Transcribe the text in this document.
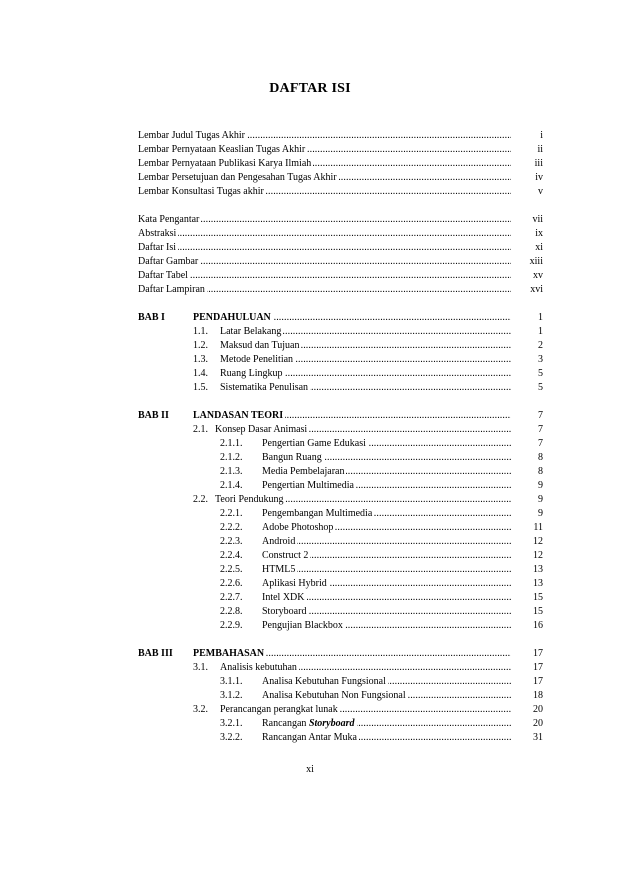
DAFTAR ISI
. . .
Lembar Judul Tugas Akhir	i
. . .
Lembar Pernyataan Keaslian Tugas Akhir	ii
. . .
Lembar Pernyataan Publikasi Karya Ilmiah	iii
. . .
Lembar Persetujuan dan Pengesahan Tugas Akhir	iv
. . .
Lembar Konsultasi Tugas akhir	v
. . .
Kata Pengantar	vii
. . .
Abstraksi	ix
. . .
Daftar Isi	xi
. . .
Daftar Gambar	xiii
. . .
Daftar Tabel	xv
. . .
Daftar Lampiran	xvi
BAB I . . .	PENDAHULUAN	1
1.1. . . . Latar Belakang	1
1.2. . . . Maksud dan Tujuan	2
1.3. . . . Metode Penelitian	3
1.4. . . . Ruang Lingkup	5
1.5. . . . Sistematika Penulisan	5
BAB II . . . LANDASAN TEORI	7
2.1. . . . Konsep Dasar Animasi	7
2.1.1. . . . Pengertian Game Edukasi	7
2.1.2. . . . Bangun Ruang	8
2.1.3. . . . Media Pembelajaran	8
2.1.4. . . . Pengertian Multimedia	9
2.2. . . . Teori Pendukung	9
2.2.1. . . . Pengembangan Multimedia	9
2.2.2. . . . Adobe Photoshop	11
2.2.3. . . . Android	12
2.2.4. . . . Construct 2	12
2.2.5. . . . HTML5	13
2.2.6. . . . Aplikasi Hybrid	13
2.2.7. . . . Intel XDK	15
2.2.8. . . . Storyboard	15
2.2.9. . . . Pengujian Blackbox	16
BAB III . . . PEMBAHASAN	17
3.1. . . . Analisis kebutuhan	17
3.1.1. . . . Analisa Kebutuhan Fungsional	17
3.1.2. . . . Analisa Kebutuhan Non Fungsional	18
3.2. . . . Perancangan perangkat lunak	20
3.2.1. . . . Rancangan Storyboard	20
3.2.2. . . . Rancangan Antar Muka	31
xi
